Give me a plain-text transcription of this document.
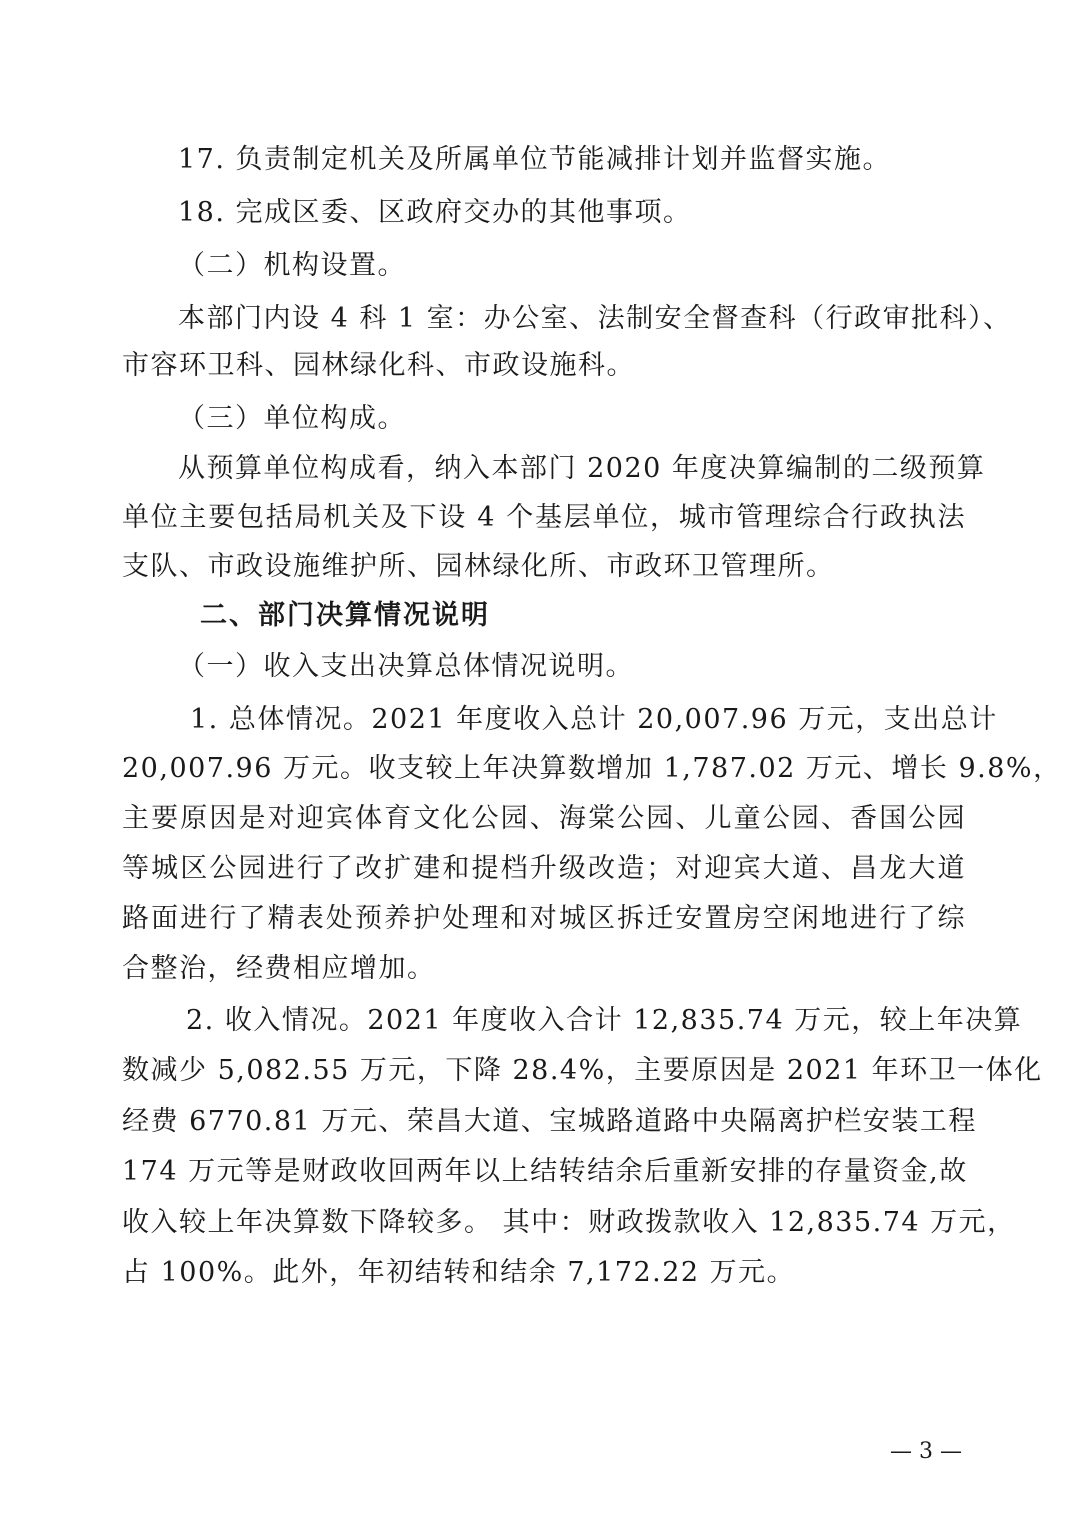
17. 负责制定机关及所属单位节能减排计划并监督实施。
18. 完成区委、区政府交办的其他事项。
（二）机构设置。
本部门内设 4 科 1 室：办公室、法制安全督查科（行政审批科）、
市容环卫科、园林绿化科、市政设施科。
（三）单位构成。
从预算单位构成看，纳入本部门 2020 年度决算编制的二级预算
单位主要包括局机关及下设 4 个基层单位，城市管理综合行政执法
支队、市政设施维护所、园林绿化所、市政环卫管理所。
二、部门决算情况说明
（一）收入支出决算总体情况说明。
1. 总体情况。2021 年度收入总计 20,007.96 万元，支出总计
20,007.96 万元。收支较上年决算数增加 1,787.02 万元、增长 9.8%，
主要原因是对迎宾体育文化公园、海棠公园、儿童公园、香国公园
等城区公园进行了改扩建和提档升级改造；对迎宾大道、昌龙大道
路面进行了精表处预养护处理和对城区拆迁安置房空闲地进行了综
合整治，经费相应增加。
2. 收入情况。2021 年度收入合计 12,835.74 万元，较上年决算
数减少 5,082.55 万元，下降 28.4%，主要原因是 2021 年环卫一体化
经费 6770.81 万元、荣昌大道、宝城路道路中央隔离护栏安装工程
174 万元等是财政收回两年以上结转结余后重新安排的存量资金,故
收入较上年决算数下降较多。 其中：财政拨款收入 12,835.74 万元，
占 100%。此外，年初结转和结余 7,172.22 万元。
— 3 —
